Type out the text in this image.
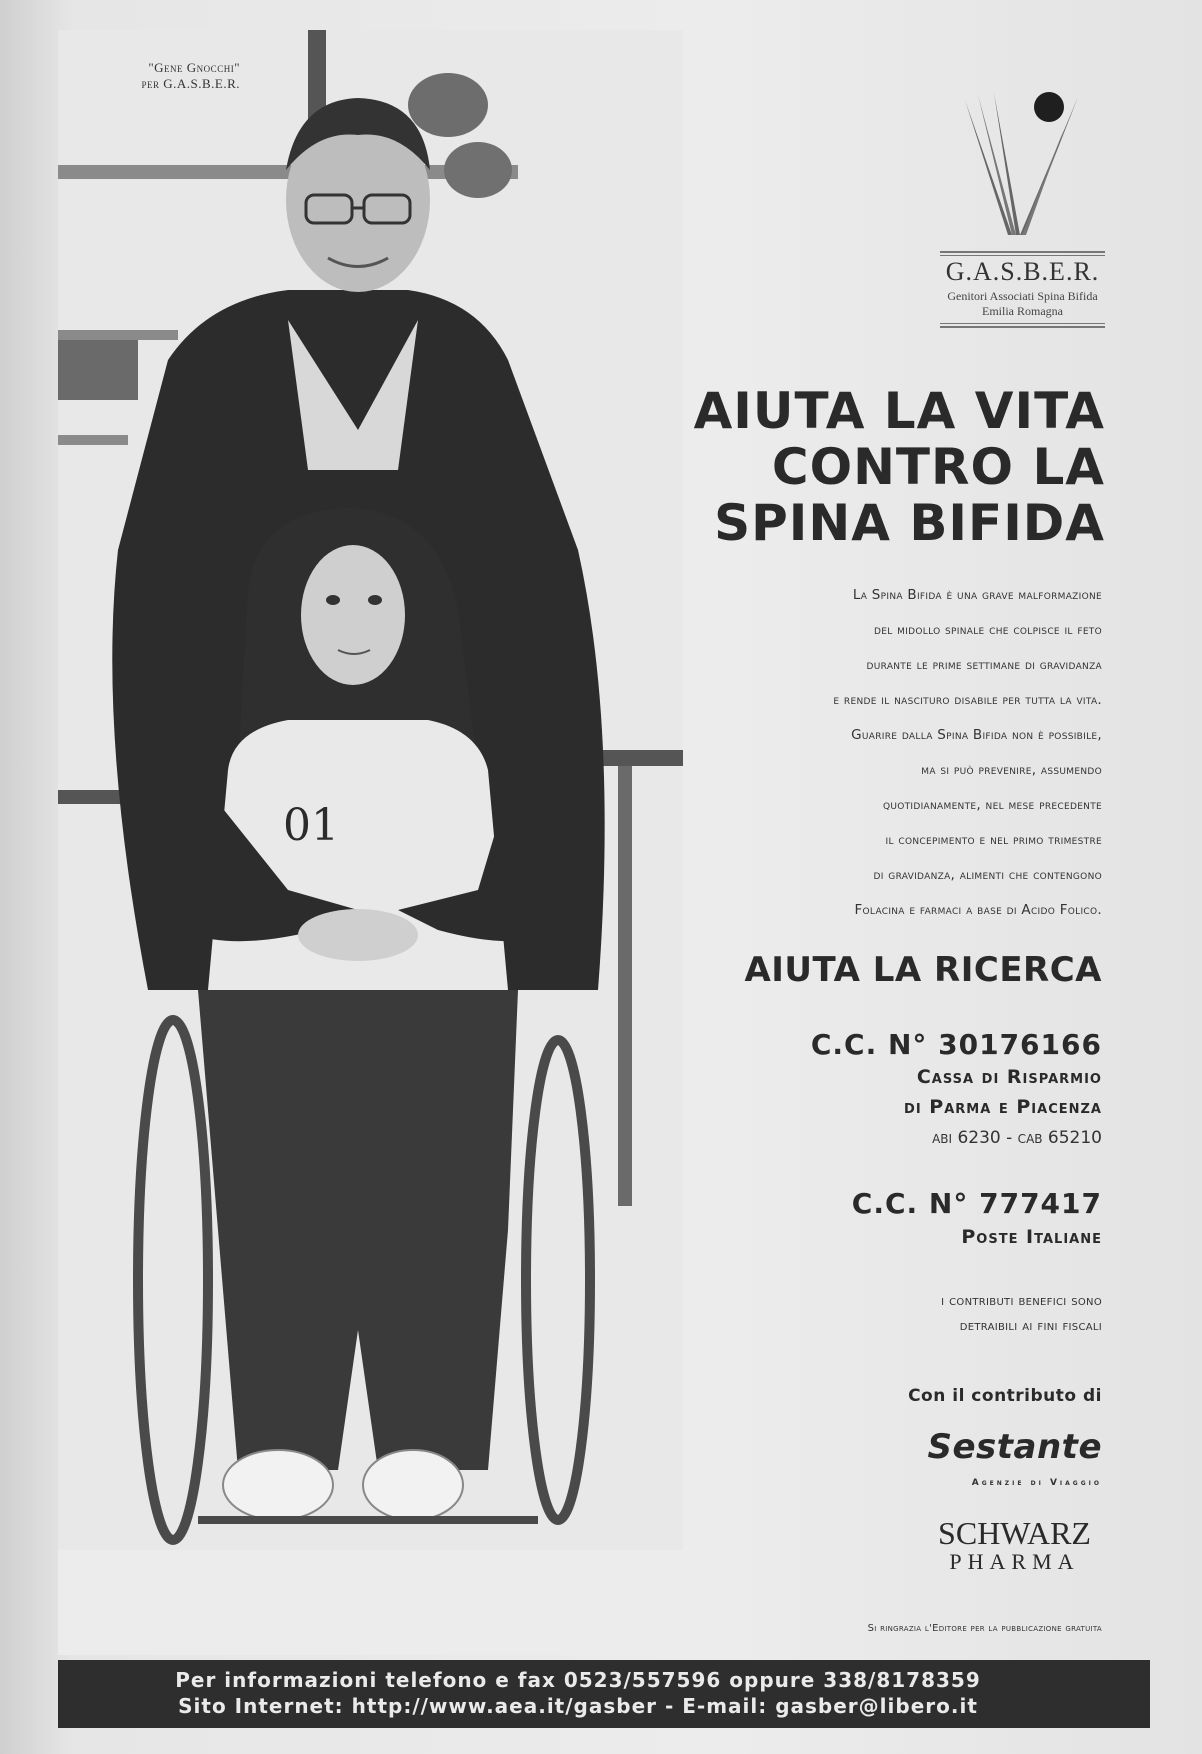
01
"Gene Gnocchi"
per G.A.S.B.E.R.
G.A.S.B.E.R.
Genitori Associati Spina Bifida
Emilia Romagna
AIUTA LA VITA
CONTRO LA
SPINA BIFIDA
La Spina Bifida è una grave malformazione
del midollo spinale che colpisce il feto
durante le prime settimane di gravidanza
e rende il nascituro disabile per tutta la vita.
Guarire dalla Spina Bifida non è possibile,
ma si può prevenire, assumendo
quotidianamente, nel mese precedente
il concepimento e nel primo trimestre
di gravidanza, alimenti che contengono
Folacina e farmaci a base di Acido Folico.
AIUTA LA RICERCA
C.C. N° 30176166
Cassa di Risparmio
di Parma e Piacenza
abi 6230 - cab 65210
C.C. N° 777417
Poste Italiane
i contributi benefici sono
detraibili ai fini fiscali
Con il contributo di
Sestante
Agenzie di Viaggio
SCHWARZ
PHARMA
Si ringrazia l'Editore per la pubblicazione gratuita
Per informazioni telefono e fax 0523/557596 oppure 338/8178359
Sito Internet: http://www.aea.it/gasber - E-mail: gasber@libero.it
